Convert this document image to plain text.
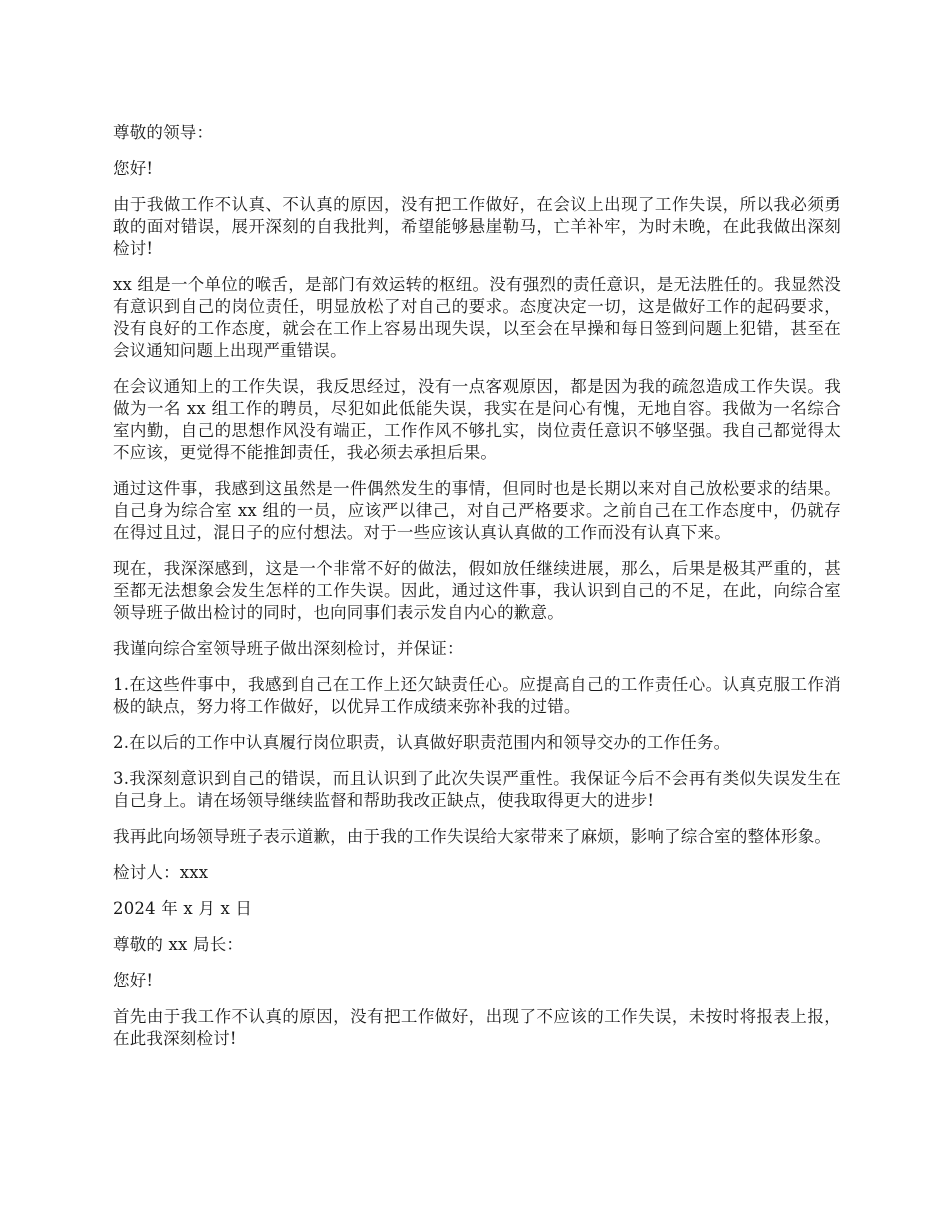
尊敬的领导：

您好!

由于我做工作不认真、不认真的原因，没有把工作做好，在会议上出现了工作失误，所以我必须勇敢的面对错误，展开深刻的自我批判，希望能够悬崖勒马，亡羊补牢，为时未晚，在此我做出深刻检讨!

xx 组是一个单位的喉舌，是部门有效运转的枢纽。没有强烈的责任意识，是无法胜任的。我显然没有意识到自己的岗位责任，明显放松了对自己的要求。态度决定一切，这是做好工作的起码要求，没有良好的工作态度，就会在工作上容易出现失误，以至会在早操和每日签到问题上犯错，甚至在会议通知问题上出现严重错误。

在会议通知上的工作失误，我反思经过，没有一点客观原因，都是因为我的疏忽造成工作失误。我做为一名 xx 组工作的聘员，尽犯如此低能失误，我实在是问心有愧，无地自容。我做为一名综合室内勤，自己的思想作风没有端正，工作作风不够扎实，岗位责任意识不够坚强。我自己都觉得太不应该，更觉得不能推卸责任，我必须去承担后果。

通过这件事，我感到这虽然是一件偶然发生的事情，但同时也是长期以来对自己放松要求的结果。自己身为综合室 xx 组的一员，应该严以律己，对自己严格要求。之前自己在工作态度中，仍就存在得过且过，混日子的应付想法。对于一些应该认真认真做的工作而没有认真下来。

现在，我深深感到，这是一个非常不好的做法，假如放任继续进展，那么，后果是极其严重的，甚至都无法想象会发生怎样的工作失误。因此，通过这件事，我认识到自己的不足，在此，向综合室领导班子做出检讨的同时，也向同事们表示发自内心的歉意。

我谨向综合室领导班子做出深刻检讨，并保证：

1.在这些件事中，我感到自己在工作上还欠缺责任心。应提高自己的工作责任心。认真克服工作消极的缺点，努力将工作做好，以优异工作成绩来弥补我的过错。

2.在以后的工作中认真履行岗位职责，认真做好职责范围内和领导交办的工作任务。

3.我深刻意识到自己的错误，而且认识到了此次失误严重性。我保证今后不会再有类似失误发生在自己身上。请在场领导继续监督和帮助我改正缺点，使我取得更大的进步!

我再此向场领导班子表示道歉，由于我的工作失误给大家带来了麻烦，影响了综合室的整体形象。

检讨人：xxx

2024 年 x 月 x 日

尊敬的 xx 局长：

您好!

首先由于我工作不认真的原因，没有把工作做好，出现了不应该的工作失误，未按时将报表上报，在此我深刻检讨!
